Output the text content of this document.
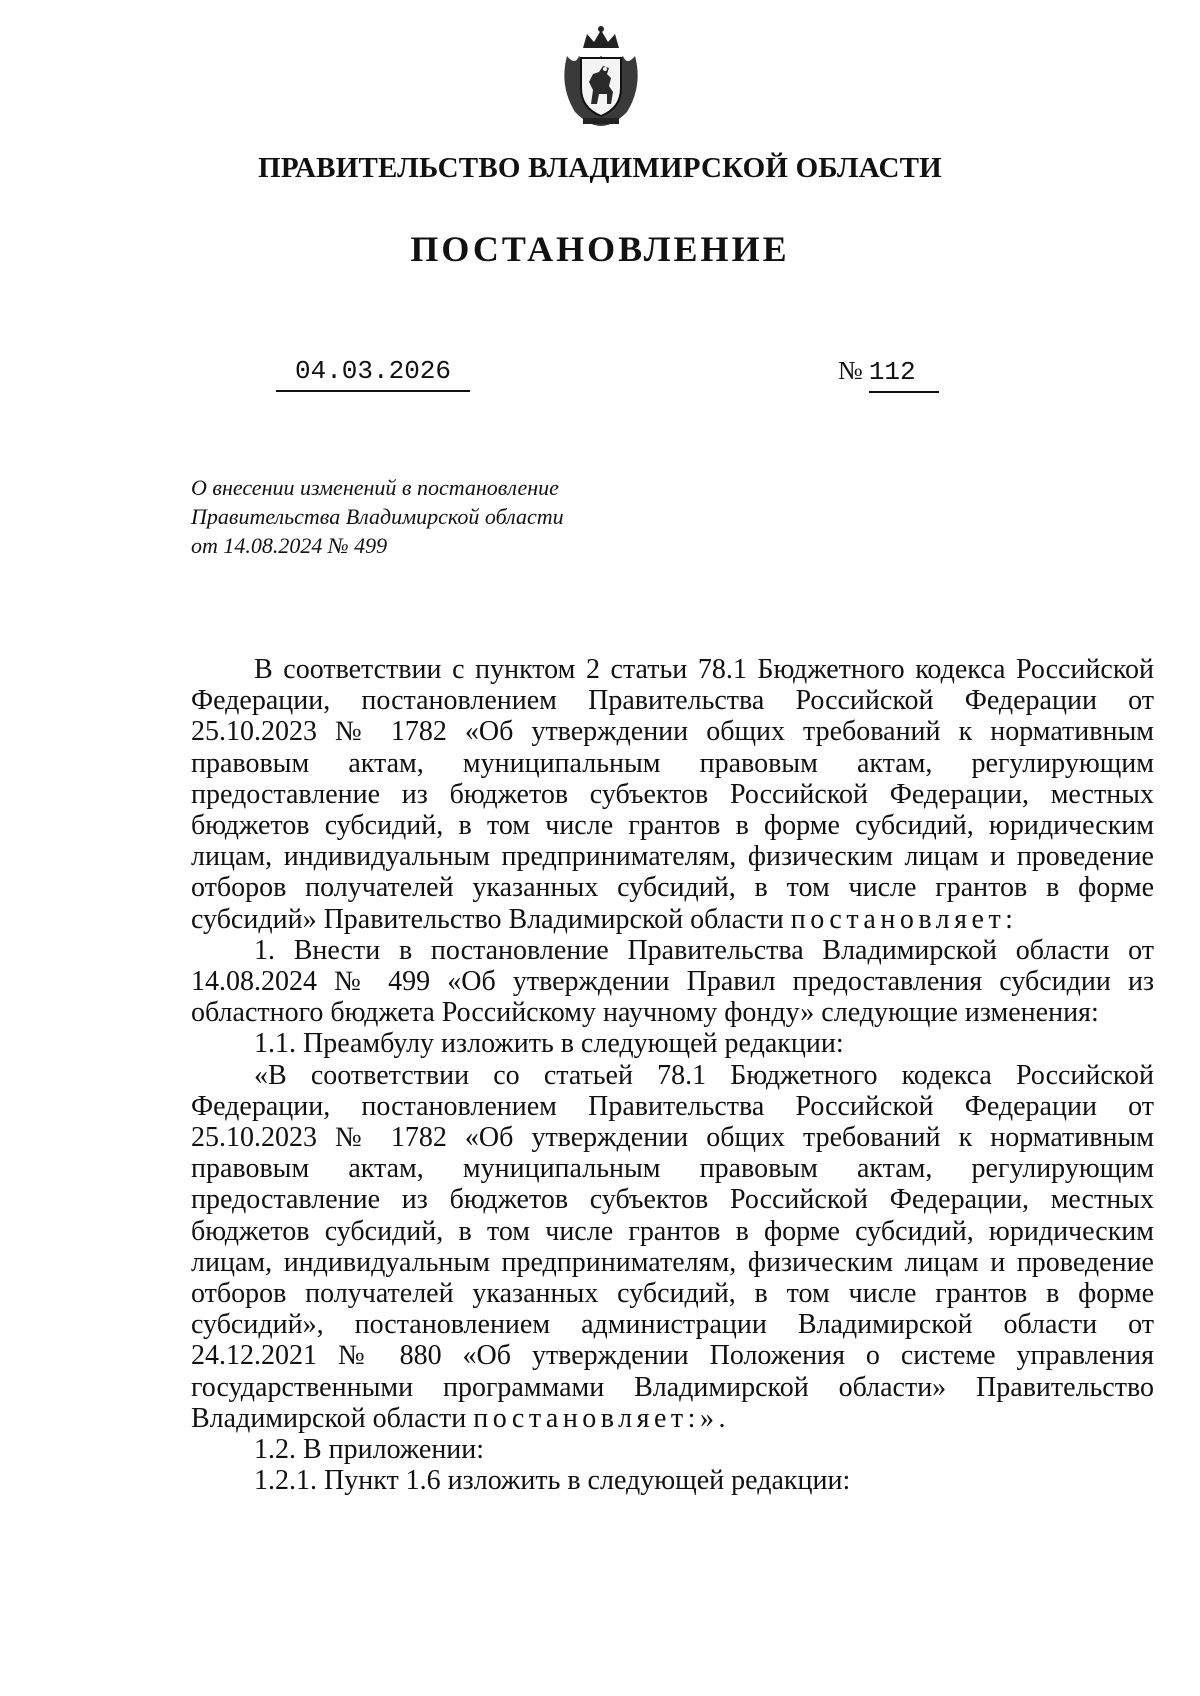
ПРАВИТЕЛЬСТВО ВЛАДИМИРСКОЙ ОБЛАСТИ
ПОСТАНОВЛЕНИЕ
04.03.2026	№ 112
О внесении изменений в постановление
Правительства Владимирской области
от 14.08.2024 № 499

В соответствии с пунктом 2 статьи 78.1 Бюджетного кодекса Российской Федерации, постановлением Правительства Российской Федерации от 25.10.2023 № 1782 «Об утверждении общих требований к нормативным правовым актам, муниципальным правовым актам, регулирующим предоставление из бюджетов субъектов Российской Федерации, местных бюджетов субсидий, в том числе грантов в форме субсидий, юридическим лицам, индивидуальным предпринимателям, физическим лицам и проведение отборов получателей указанных субсидий, в том числе грантов в форме субсидий» Правительство Владимирской области постановляет:

1. Внести в постановление Правительства Владимирской области от 14.08.2024 № 499 «Об утверждении Правил предоставления субсидии из областного бюджета Российскому научному фонду» следующие изменения:

1.1. Преамбулу изложить в следующей редакции:

«В соответствии со статьей 78.1 Бюджетного кодекса Российской Федерации, постановлением Правительства Российской Федерации от 25.10.2023 № 1782 «Об утверждении общих требований к нормативным правовым актам, муниципальным правовым актам, регулирующим предоставление из бюджетов субъектов Российской Федерации, местных бюджетов субсидий, в том числе грантов в форме субсидий, юридическим лицам, индивидуальным предпринимателям, физическим лицам и проведение отборов получателей указанных субсидий, в том числе грантов в форме субсидий», постановлением администрации Владимирской области от 24.12.2021 № 880 «Об утверждении Положения о системе управления государственными программами Владимирской области» Правительство Владимирской области постановляет:».

1.2. В приложении:

1.2.1. Пункт 1.6 изложить в следующей редакции:
